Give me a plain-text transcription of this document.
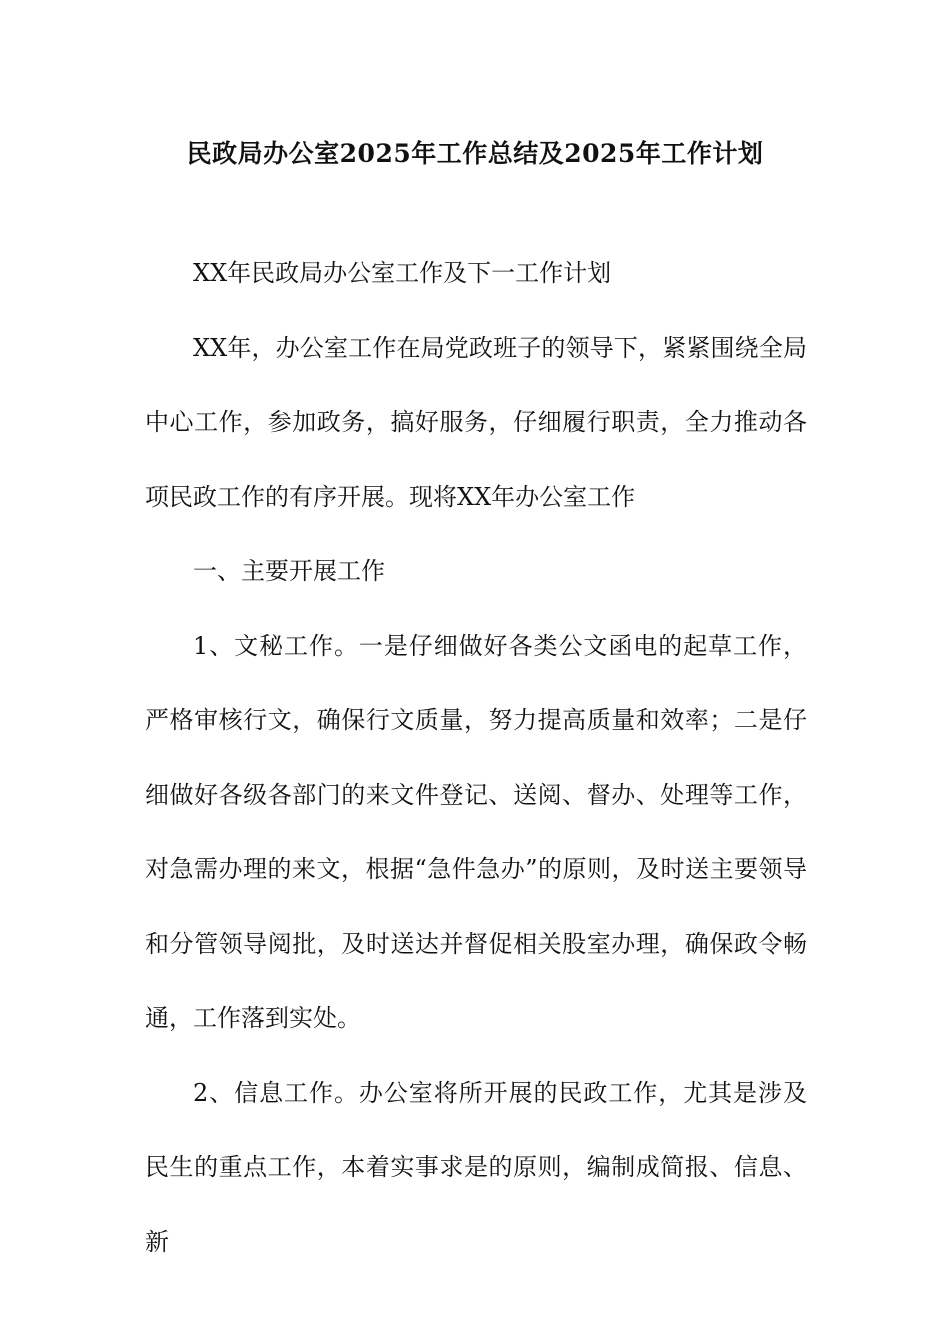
民政局办公室2025年工作总结及2025年工作计划

XX年民政局办公室工作及下一工作计划

XX年，办公室工作在局党政班子的领导下，紧紧围绕全局中心工作，参加政务，搞好服务，仔细履行职责，全力推动各项民政工作的有序开展。现将XX年办公室工作

一、主要开展工作

1、文秘工作。一是仔细做好各类公文函电的起草工作，严格审核行文，确保行文质量，努力提高质量和效率；二是仔细做好各级各部门的来文件登记、送阅、督办、处理等工作，对急需办理的来文，根据“急件急办”的原则，及时送主要领导和分管领导阅批，及时送达并督促相关股室办理，确保政令畅通，工作落到实处。

2、信息工作。办公室将所开展的民政工作，尤其是涉及民生的重点工作，本着实事求是的原则，编制成简报、信息、新
